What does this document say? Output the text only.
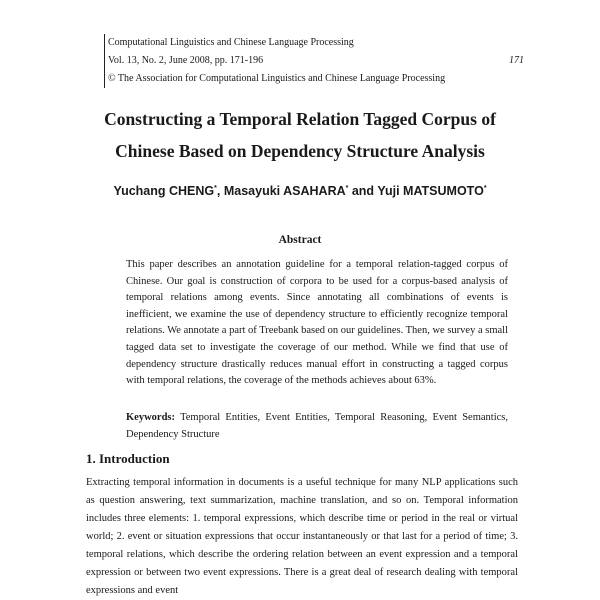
Computational Linguistics and Chinese Language Processing
Vol. 13, No. 2, June 2008, pp. 171-196	171
© The Association for Computational Linguistics and Chinese Language Processing
Constructing a Temporal Relation Tagged Corpus of
Chinese Based on Dependency Structure Analysis
Yuchang CHENG*, Masayuki ASAHARA* and Yuji MATSUMOTO*
Abstract
This paper describes an annotation guideline for a temporal relation-tagged corpus of Chinese. Our goal is construction of corpora to be used for a corpus-based analysis of temporal relations among events. Since annotating all combinations of events is inefficient, we examine the use of dependency structure to efficiently recognize temporal relations. We annotate a part of Treebank based on our guidelines. Then, we survey a small tagged data set to investigate the coverage of our method. While we find that use of dependency structure drastically reduces manual effort in constructing a tagged corpus with temporal relations, the coverage of the methods achieves about 63%.
Keywords: Temporal Entities, Event Entities, Temporal Reasoning, Event Semantics, Dependency Structure
1. Introduction
Extracting temporal information in documents is a useful technique for many NLP applications such as question answering, text summarization, machine translation, and so on. Temporal information includes three elements: 1. temporal expressions, which describe time or period in the real or virtual world; 2. event or situation expressions that occur instantaneously or that last for a period of time; 3. temporal relations, which describe the ordering relation between an event expression and a temporal expression or between two event expressions. There is a great deal of research dealing with temporal expressions and event
